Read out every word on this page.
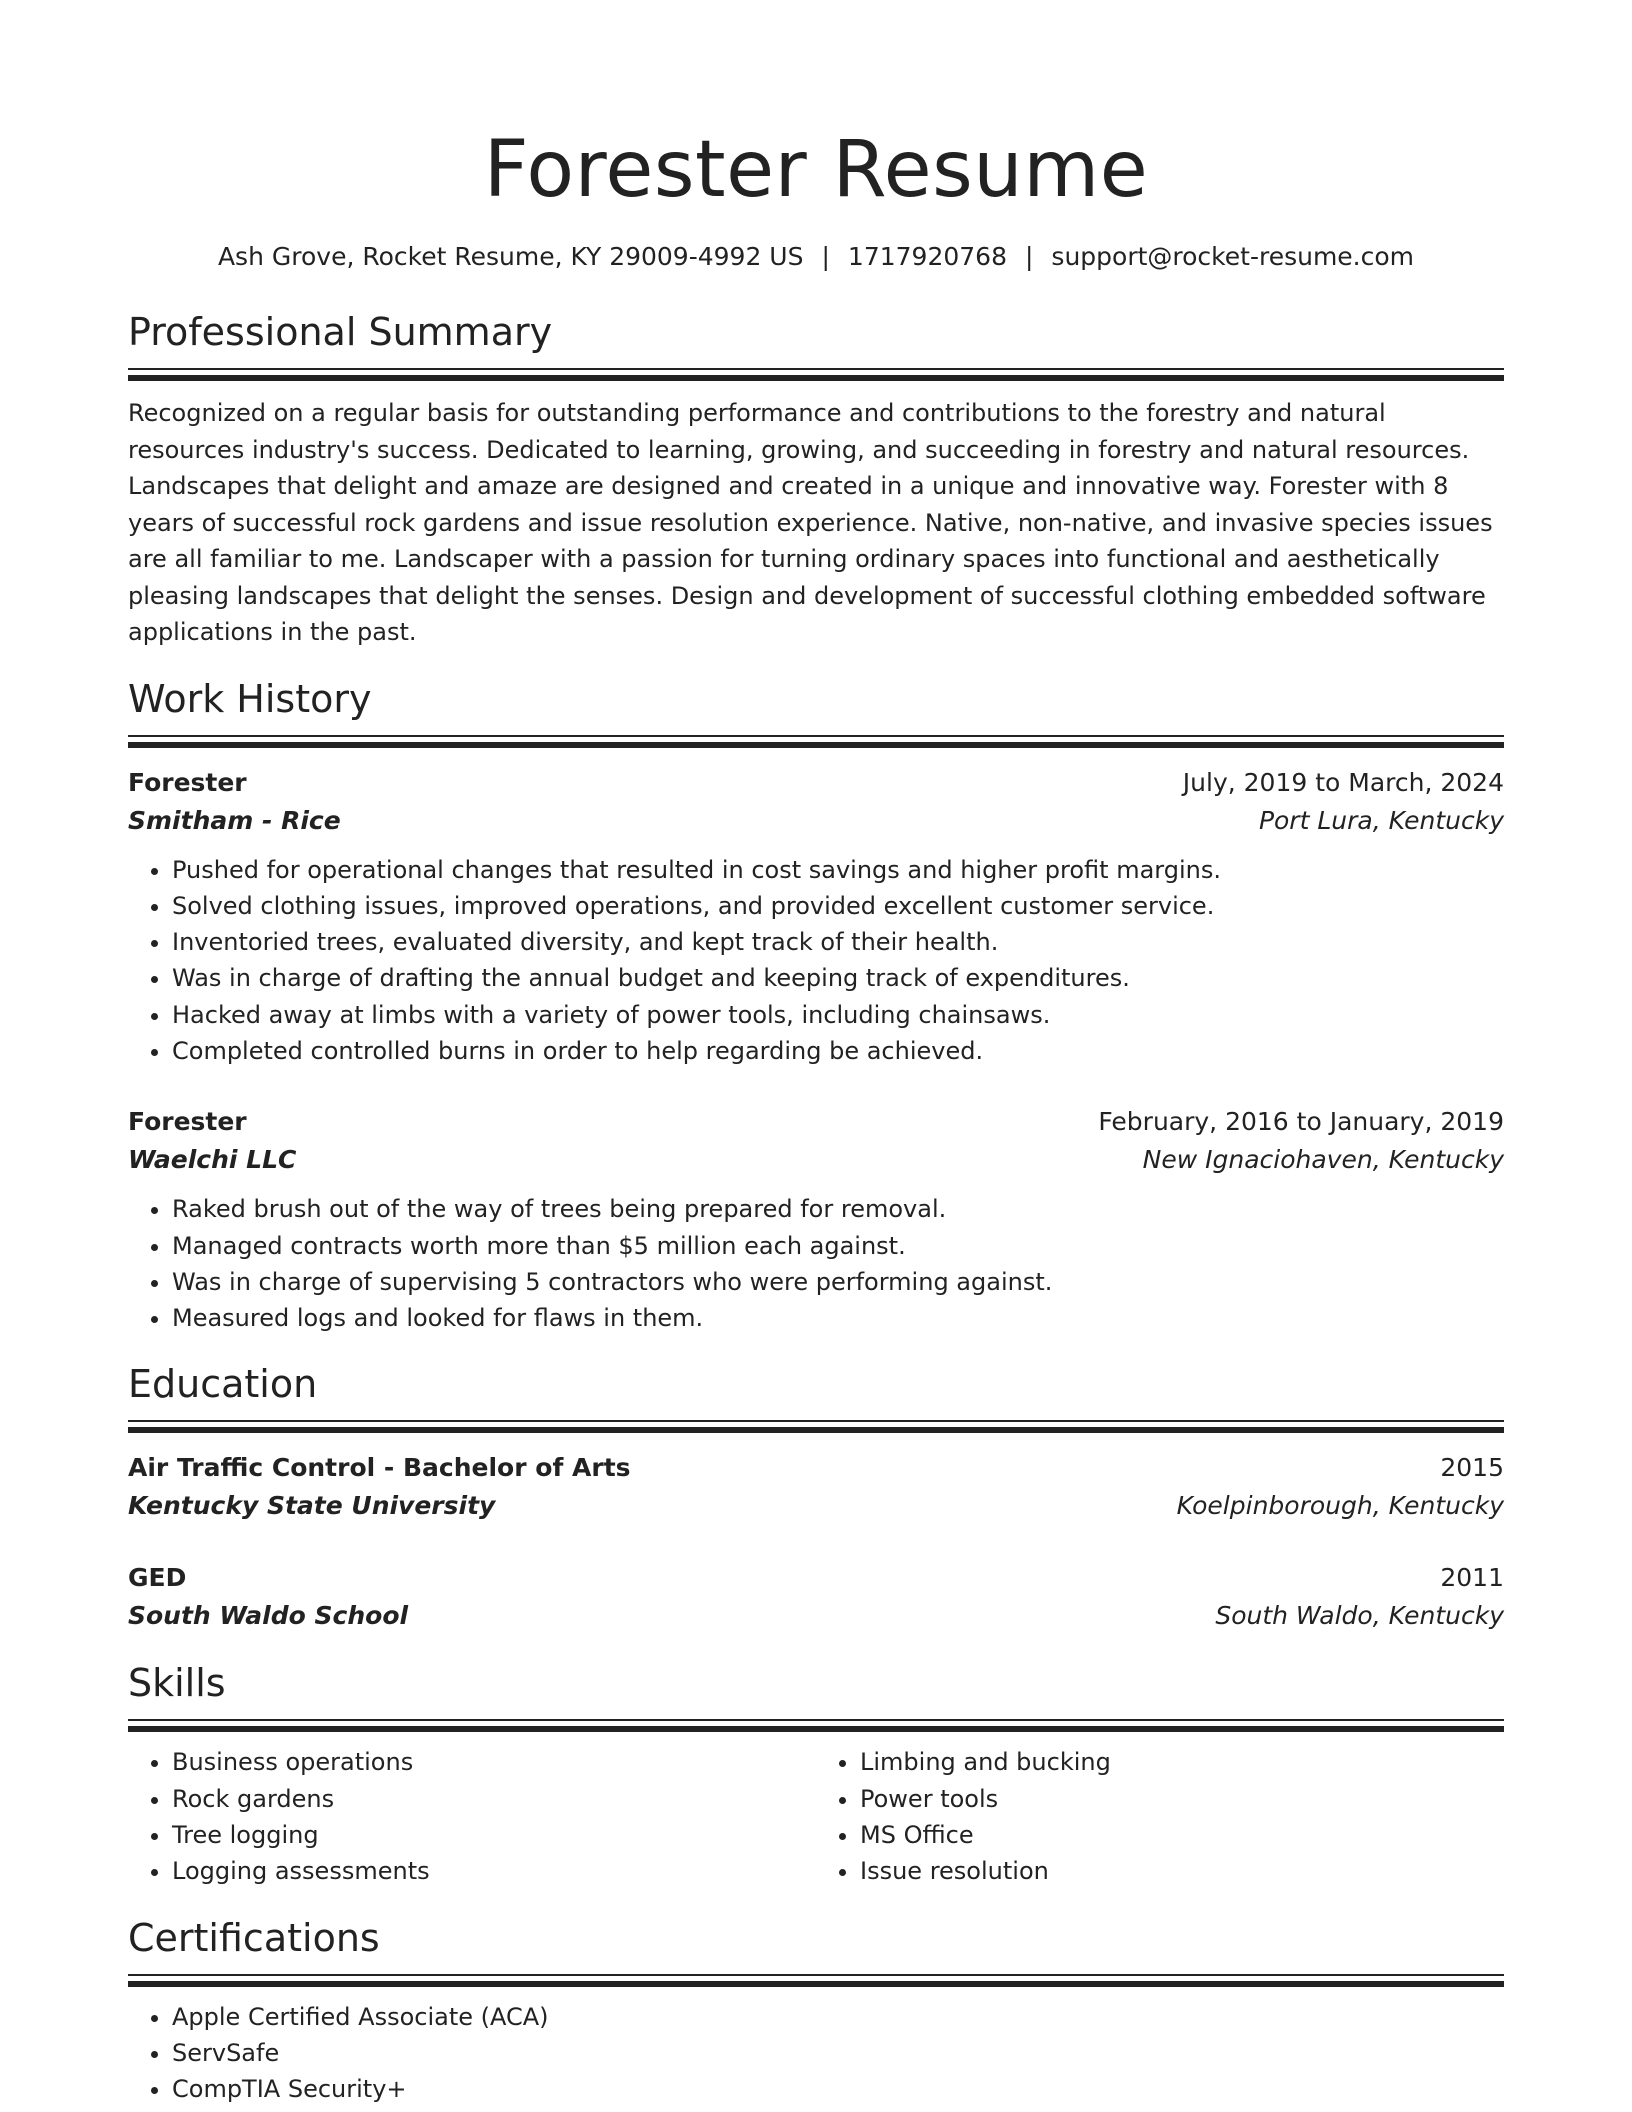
Forester Resume
Ash Grove, Rocket Resume, KY 29009-4992 US | 1717920768 | support@rocket-resume.com
Professional Summary
Recognized on a regular basis for outstanding performance and contributions to the forestry and natural resources industry's success. Dedicated to learning, growing, and succeeding in forestry and natural resources. Landscapes that delight and amaze are designed and created in a unique and innovative way. Forester with 8 years of successful rock gardens and issue resolution experience. Native, non-native, and invasive species issues are all familiar to me. Landscaper with a passion for turning ordinary spaces into functional and aesthetically pleasing landscapes that delight the senses. Design and development of successful clothing embedded software applications in the past.
Work History
Forester	July, 2019 to March, 2024
Smitham - Rice	Port Lura, Kentucky
• Pushed for operational changes that resulted in cost savings and higher profit margins.
• Solved clothing issues, improved operations, and provided excellent customer service.
• Inventoried trees, evaluated diversity, and kept track of their health.
• Was in charge of drafting the annual budget and keeping track of expenditures.
• Hacked away at limbs with a variety of power tools, including chainsaws.
• Completed controlled burns in order to help regarding be achieved.
Forester	February, 2016 to January, 2019
Waelchi LLC	New Ignaciohaven, Kentucky
• Raked brush out of the way of trees being prepared for removal.
• Managed contracts worth more than $5 million each against.
• Was in charge of supervising 5 contractors who were performing against.
• Measured logs and looked for flaws in them.
Education
Air Traffic Control - Bachelor of Arts	2015
Kentucky State University	Koelpinborough, Kentucky
GED	2011
South Waldo School	South Waldo, Kentucky
Skills
• Business operations
• Rock gardens
• Tree logging
• Logging assessments
• Limbing and bucking
• Power tools
• MS Office
• Issue resolution
Certifications
• Apple Certified Associate (ACA)
• ServSafe
• CompTIA Security+
